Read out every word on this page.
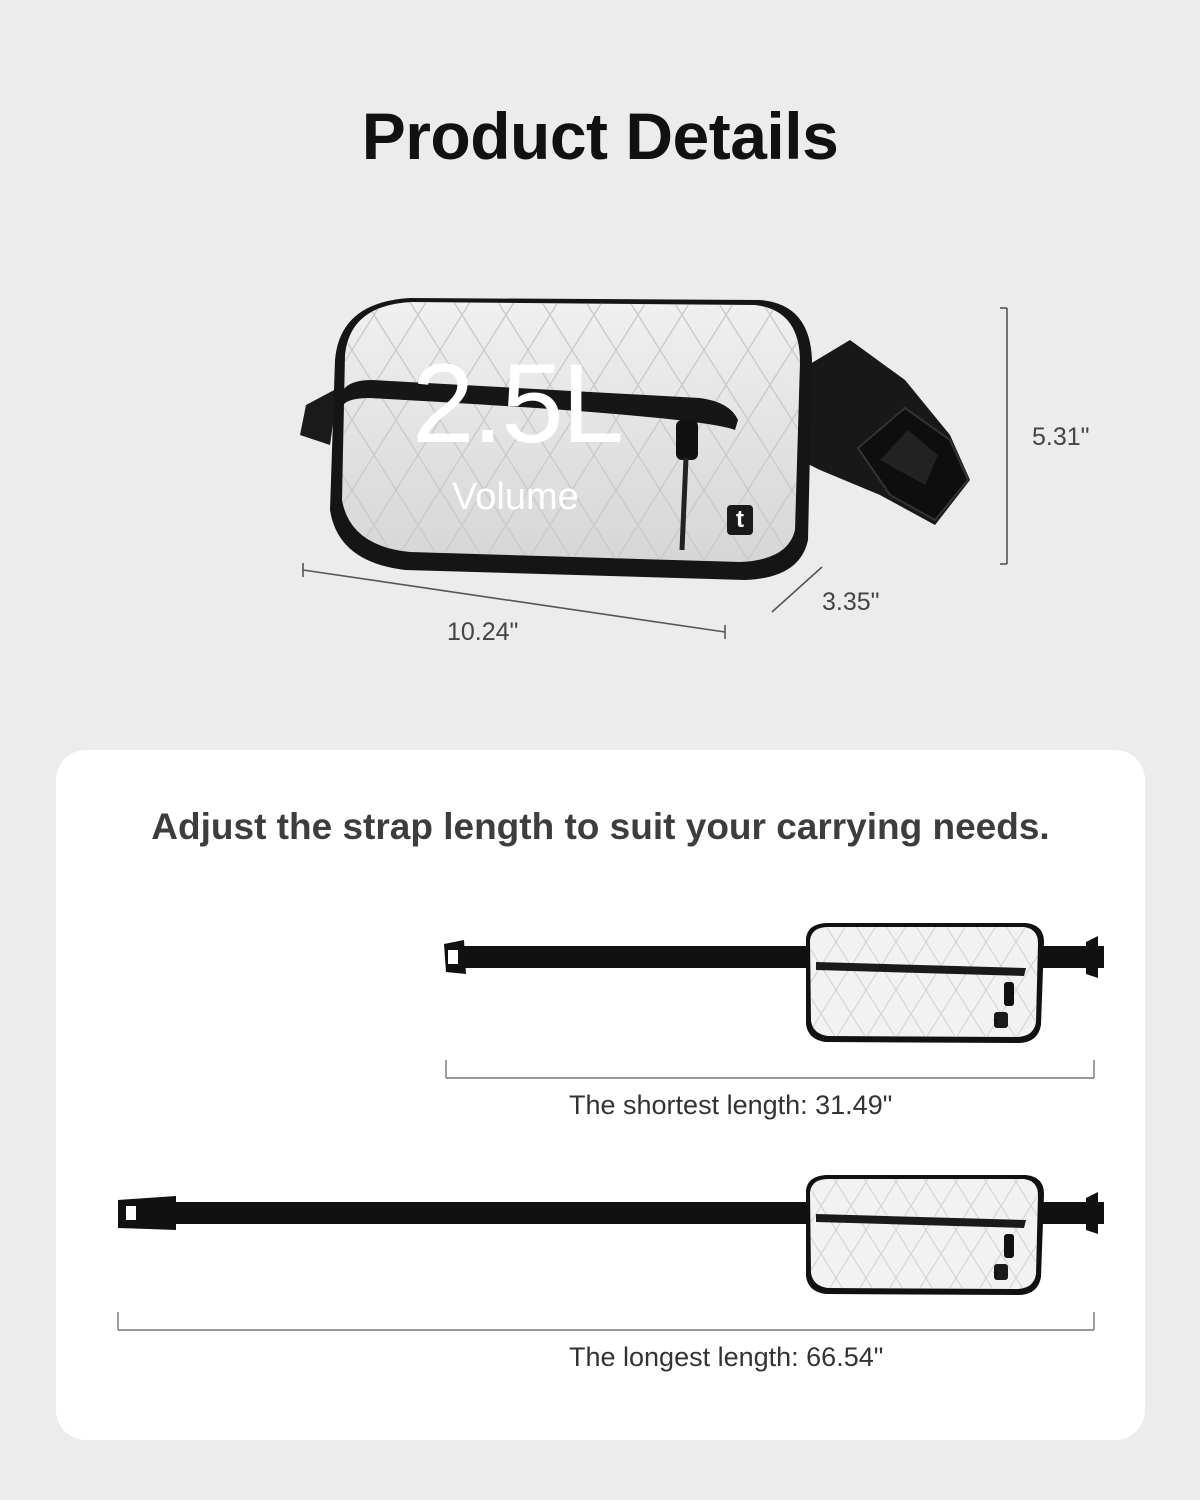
Product Details
2.5L
Volume
t
10.24"
3.35"
5.31"
Adjust the strap length to suit your carrying needs.
t
t
The shortest length: 31.49"
The longest length: 66.54"
